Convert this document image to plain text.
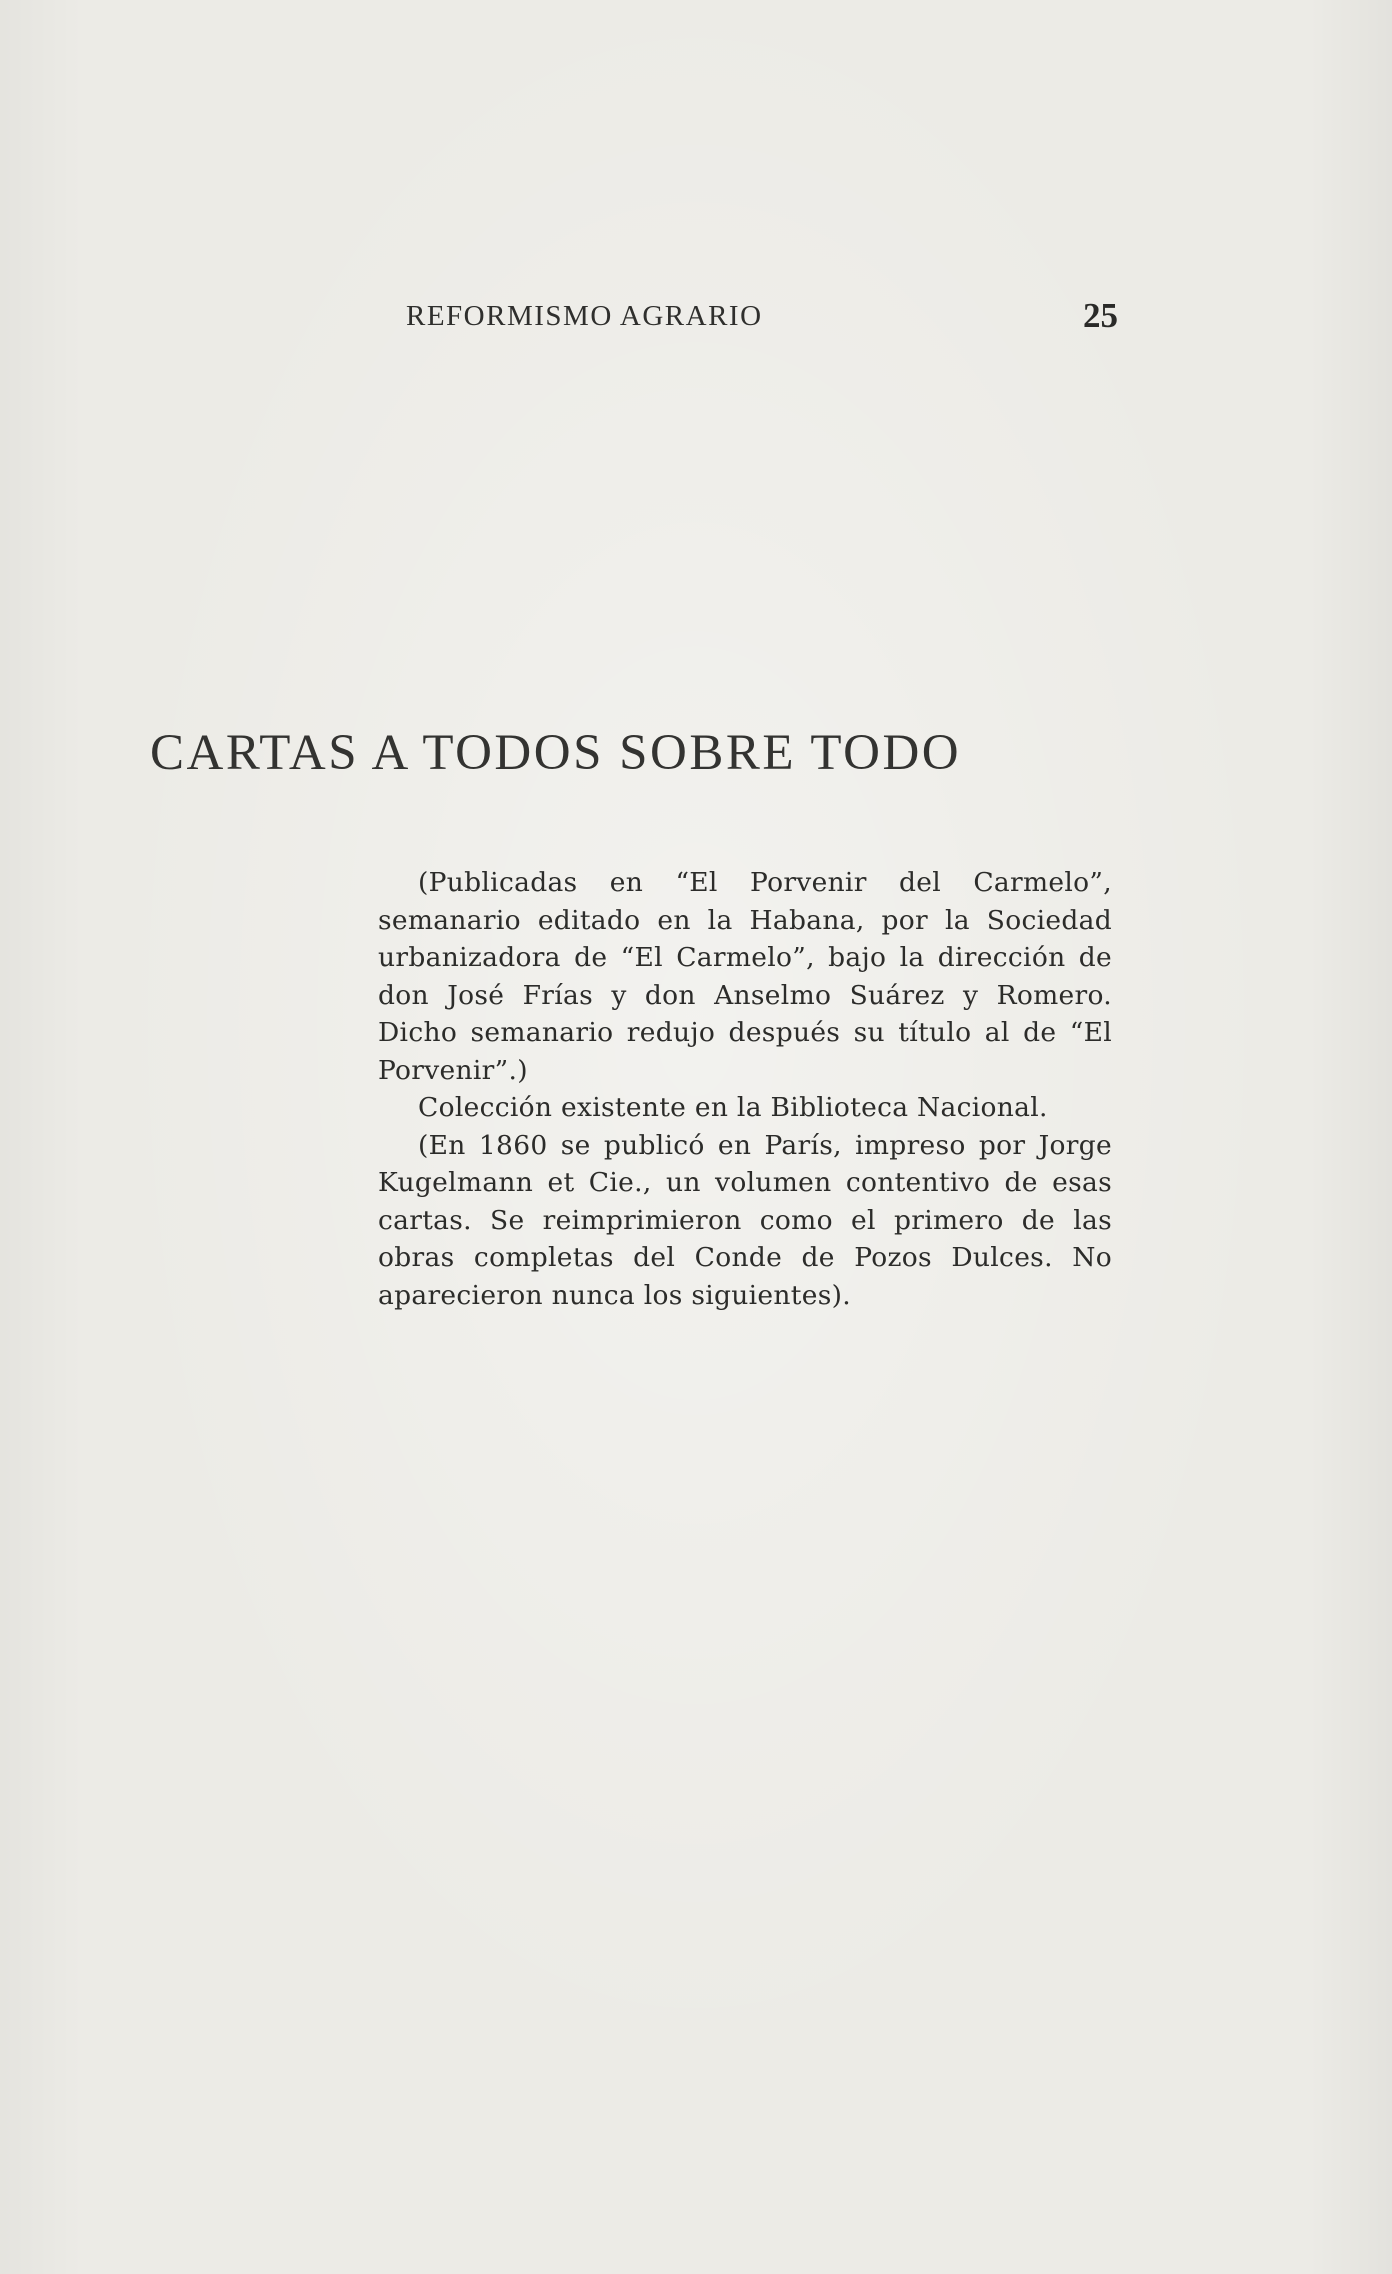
REFORMISMO AGRARIO	25
CARTAS A TODOS SOBRE TODO

(Publicadas en “El Porvenir del Carmelo”, semanario editado en la Habana, por la Sociedad urbanizadora de “El Carmelo”, bajo la dirección de don José Frías y don Anselmo Suárez y Romero. Dicho semanario redujo después su título al de “El Porvenir”.)

Colección existente en la Biblioteca Nacional.

(En 1860 se publicó en París, impreso por Jorge Kugelmann et Cie., un volumen contentivo de esas cartas. Se reimprimieron como el primero de las obras completas del Conde de Pozos Dulces. No aparecieron nunca los siguientes).
